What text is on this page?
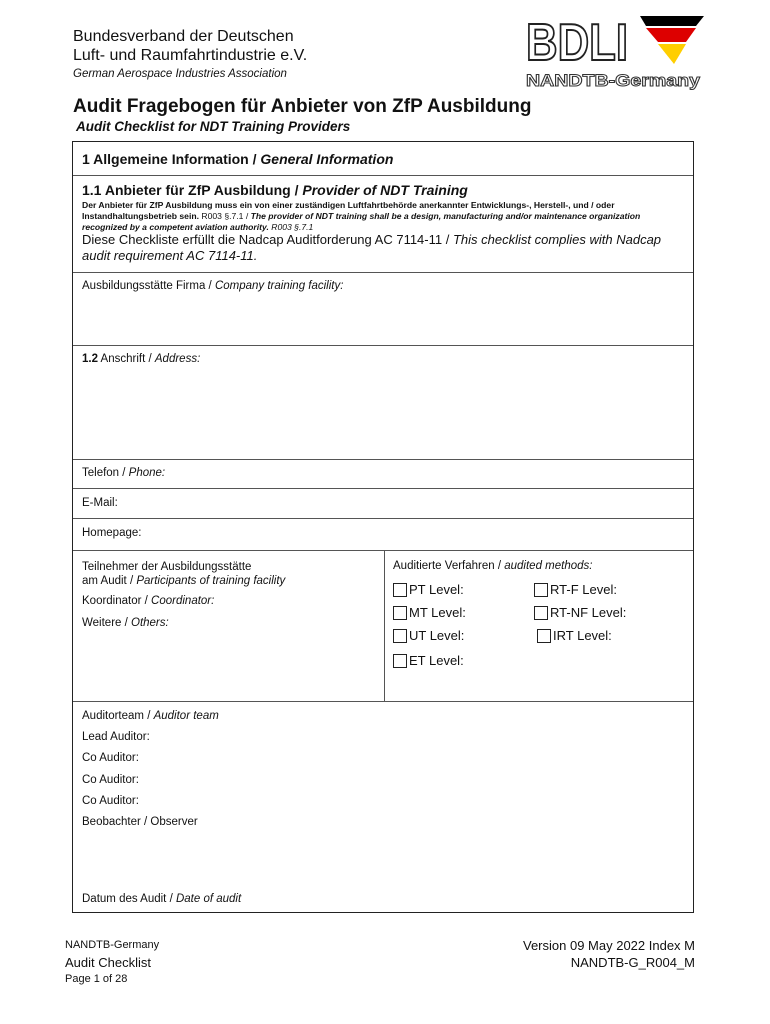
Bundesverband der Deutschen
Luft- und Raumfahrtindustrie e.V.
German Aerospace Industries Association
BDLI
NANDTB-Germany
Audit Fragebogen für Anbieter von ZfP Ausbildung
Audit Checklist for NDT Training Providers
1 Allgemeine Information / General Information
1.1 Anbieter für ZfP Ausbildung / Provider of NDT Training
Der Anbieter für ZfP Ausbildung muss ein von einer zuständigen Luftfahrtbehörde anerkannter Entwicklungs-, Herstell-, und / oder Instandhaltungsbetrieb sein. R003 §.7.1 / The provider of NDT training shall be a design, manufacturing and/or maintenance organization recognized by a competent aviation authority. R003 §.7.1
Diese Checkliste erfüllt die Nadcap Auditforderung AC 7114-11 / This checklist complies with Nadcap audit requirement AC 7114-11.
Ausbildungsstätte Firma / Company training facility:
1.2 Anschrift / Address:
Telefon / Phone:
E-Mail:
Homepage:
Teilnehmer der Ausbildungsstätte
am Audit / Participants of training facility
Koordinator / Coordinator:
Weitere / Others:
Auditierte Verfahren / audited methods:
PT Level:	RT-F Level:
MT Level:	RT-NF Level:
UT Level:	IRT Level:
ET Level:
Auditorteam / Auditor team
Lead Auditor:
Co Auditor:
Co Auditor:
Co Auditor:
Beobachter / Observer
Datum des Audit / Date of audit
NANDTB-Germany
Audit Checklist
Page 1 of 28
Version 09 May 2022 Index M
NANDTB-G_R004_M
